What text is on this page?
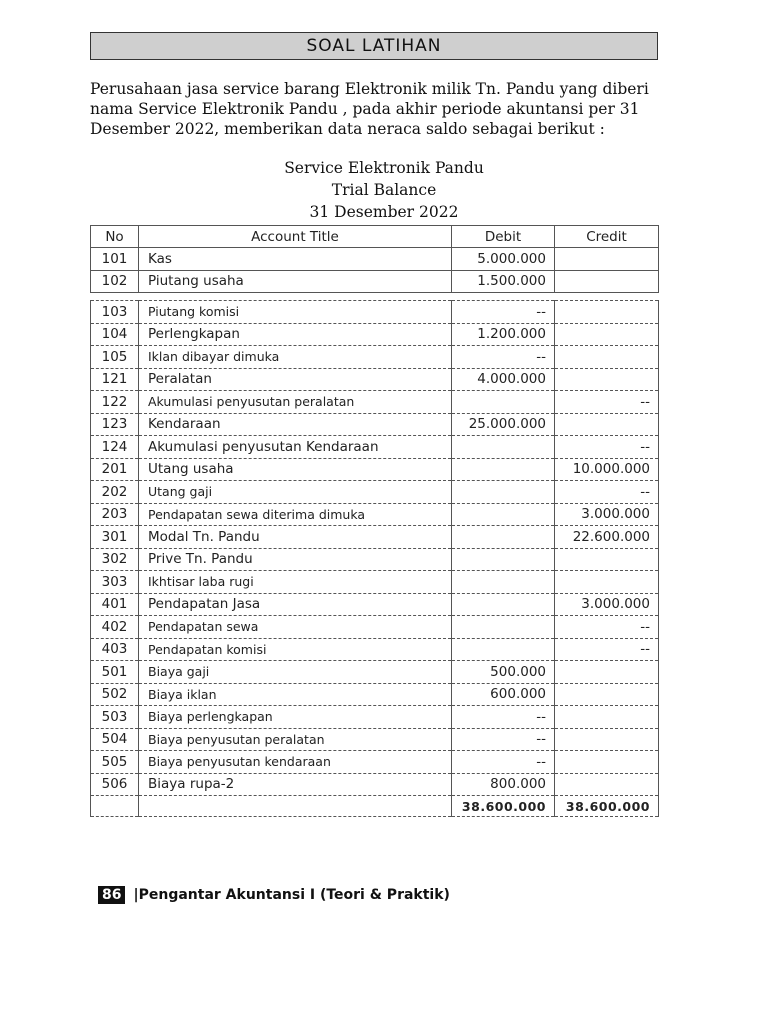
SOAL LATIHAN
Perusahaan jasa service barang Elektronik milik Tn. Pandu yang diberi nama Service Elektronik Pandu , pada akhir periode akuntansi per 31 Desember 2022, memberikan data neraca saldo sebagai berikut :
Service Elektronik Pandu
Trial Balance
31 Desember 2022
No	Account Title	Debit	Credit
101	Kas	5.000.000	
102	Piutang usaha	1.500.000	
103	Piutang komisi	--	
104	Perlengkapan	1.200.000	
105	Iklan dibayar dimuka	--	
121	Peralatan	4.000.000	
122	Akumulasi penyusutan peralatan		--
123	Kendaraan	25.000.000	
124	Akumulasi penyusutan Kendaraan		--
201	Utang usaha		10.000.000
202	Utang gaji		--
203	Pendapatan sewa diterima dimuka		3.000.000
301	Modal Tn. Pandu		22.600.000
302	Prive Tn. Pandu		
303	Ikhtisar laba rugi		
401	Pendapatan Jasa		3.000.000
402	Pendapatan sewa		--
403	Pendapatan komisi		--
501	Biaya gaji	500.000	
502	Biaya iklan	600.000	
503	Biaya perlengkapan	--	
504	Biaya penyusutan peralatan	--	
505	Biaya penyusutan kendaraan	--	
506	Biaya rupa-2	800.000	
		38.600.000	38.600.000
86 |Pengantar Akuntansi I (Teori & Praktik)
